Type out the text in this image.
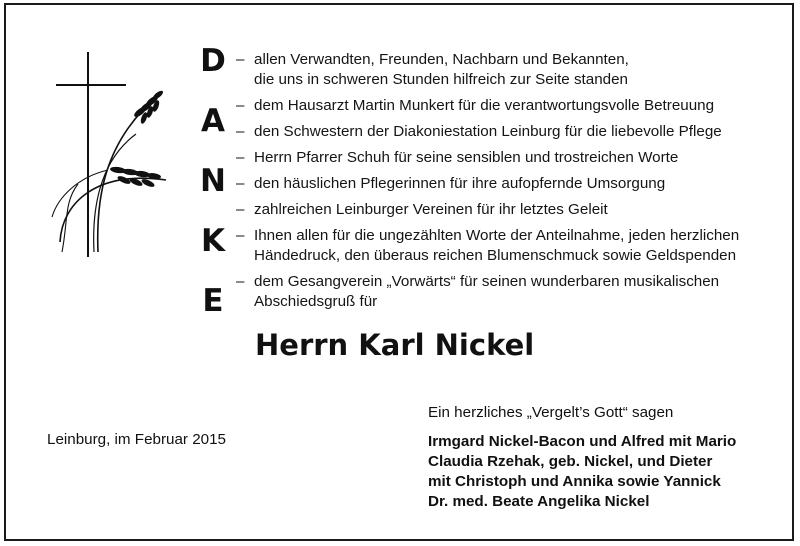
D
A
N
K
E
– allen Verwandten, Freunden, Nachbarn und Bekannten,
die uns in schweren Stunden hilfreich zur Seite standen
– dem Hausarzt Martin Munkert für die verantwortungsvolle Betreuung
– den Schwestern der Diakoniestation Leinburg für die liebevolle Pflege
– Herrn Pfarrer Schuh für seine sensiblen und trostreichen Worte
– den häuslichen Pflegerinnen für ihre aufopfernde Umsorgung
– zahlreichen Leinburger Vereinen für ihr letztes Geleit
– Ihnen allen für die ungezählten Worte der Anteilnahme, jeden herzlichen
Händedruck, den überaus reichen Blumenschmuck sowie Geldspenden
– dem Gesangverein „Vorwärts“ für seinen wunderbaren musikalischen
Abschiedsgruß für
Herrn Karl Nickel
Leinburg, im Februar 2015
Ein herzliches „Vergelt’s Gott“ sagen
Irmgard Nickel-Bacon und Alfred mit Mario
Claudia Rzehak, geb. Nickel, und Dieter
mit Christoph und Annika sowie Yannick
Dr. med. Beate Angelika Nickel
